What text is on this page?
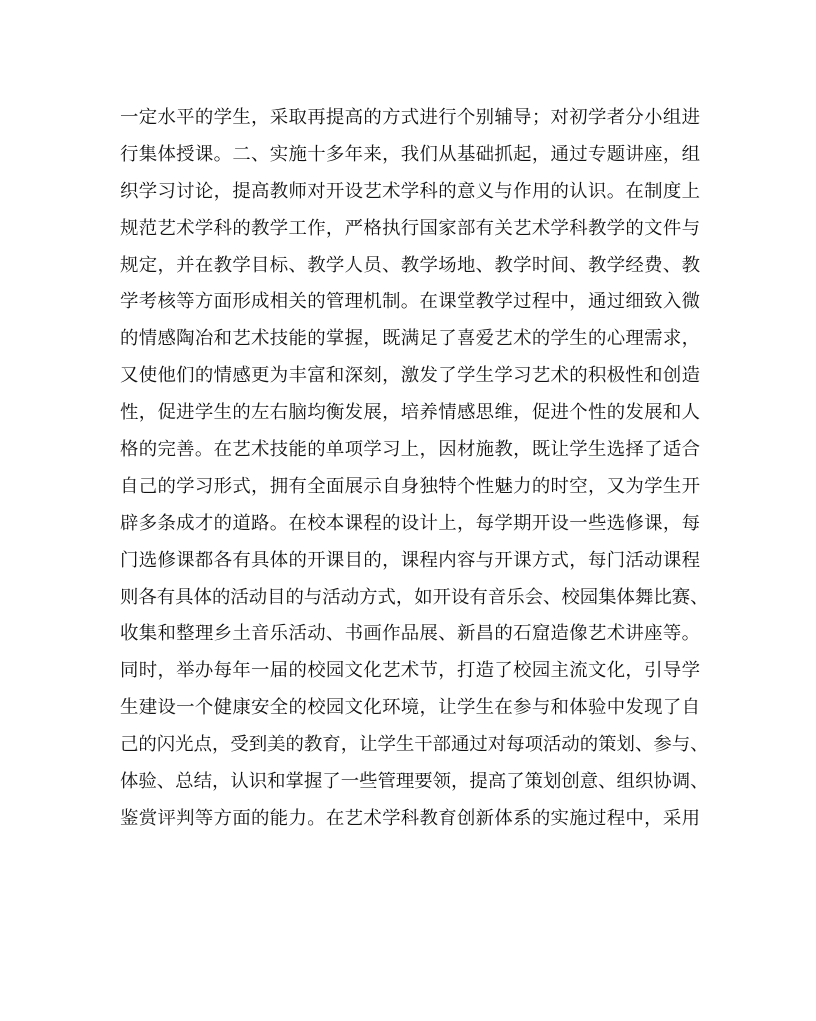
一定水平的学生，采取再提高的方式进行个别辅导；对初学者分小组进
行集体授课。二、实施十多年来，我们从基础抓起，通过专题讲座，组
织学习讨论，提高教师对开设艺术学科的意义与作用的认识。在制度上
规范艺术学科的教学工作，严格执行国家部有关艺术学科教学的文件与
规定，并在教学目标、教学人员、教学场地、教学时间、教学经费、教
学考核等方面形成相关的管理机制。在课堂教学过程中，通过细致入微
的情感陶冶和艺术技能的掌握，既满足了喜爱艺术的学生的心理需求，
又使他们的情感更为丰富和深刻，激发了学生学习艺术的积极性和创造
性，促进学生的左右脑均衡发展，培养情感思维，促进个性的发展和人
格的完善。在艺术技能的单项学习上，因材施教，既让学生选择了适合
自己的学习形式，拥有全面展示自身独特个性魅力的时空，又为学生开
辟多条成才的道路。在校本课程的设计上，每学期开设一些选修课，每
门选修课都各有具体的开课目的，课程内容与开课方式，每门活动课程
则各有具体的活动目的与活动方式，如开设有音乐会、校园集体舞比赛、
收集和整理乡土音乐活动、书画作品展、新昌的石窟造像艺术讲座等。
同时，举办每年一届的校园文化艺术节，打造了校园主流文化，引导学
生建设一个健康安全的校园文化环境，让学生在参与和体验中发现了自
己的闪光点，受到美的教育，让学生干部通过对每项活动的策划、参与、
体验、总结，认识和掌握了一些管理要领，提高了策划创意、组织协调、
鉴赏评判等方面的能力。在艺术学科教育创新体系的实施过程中，采用
